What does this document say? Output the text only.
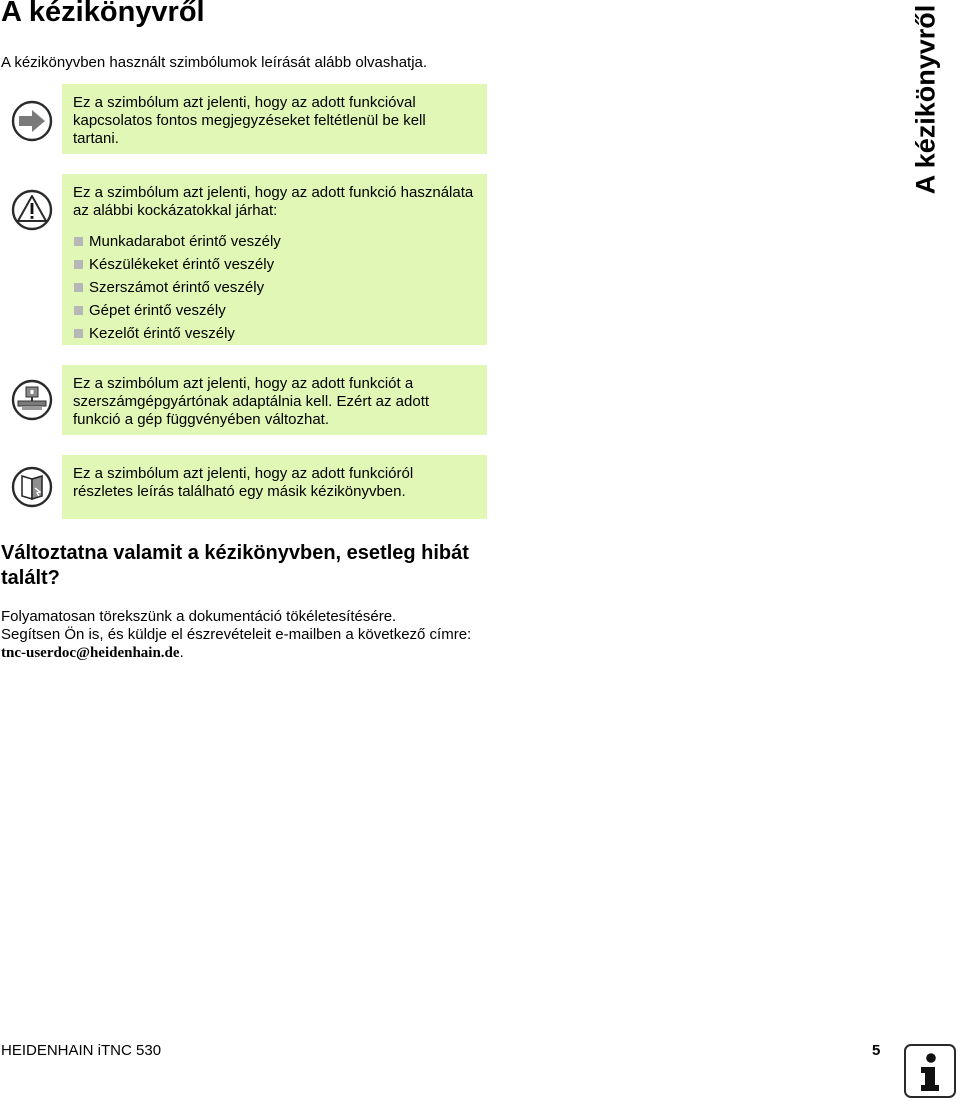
A kézikönyvről
A kézikönyvben használt szimbólumok leírását alább olvashatja.	A kézikönyvről

Ez a szimbólum azt jelenti, hogy az adott funkcióval kapcsolatos fontos megjegyzéseket feltétlenül be kell tartani.

Ez a szimbólum azt jelenti, hogy az adott funkció használata az alábbi kockázatokkal járhat:

Munkadarabot érintő veszély
Készülékeket érintő veszély
Szerszámot érintő veszély
Gépet érintő veszély
Kezelőt érintő veszély

Ez a szimbólum azt jelenti, hogy az adott funkciót a szerszámgépgyártónak adaptálnia kell. Ezért az adott funkció a gép függvényében változhat.

Ez a szimbólum azt jelenti, hogy az adott funkcióról részletes leírás található egy másik kézikönyvben.

Változtatna valamit a kézikönyvben, esetleg hibát talált?

Folyamatosan törekszünk a dokumentáció tökéletesítésére.

Segítsen Ön is, és küldje el észrevételeit e-mailben a következő címre: tnc-userdoc@heidenhain.de.

HEIDENHAIN iTNC 530	5
